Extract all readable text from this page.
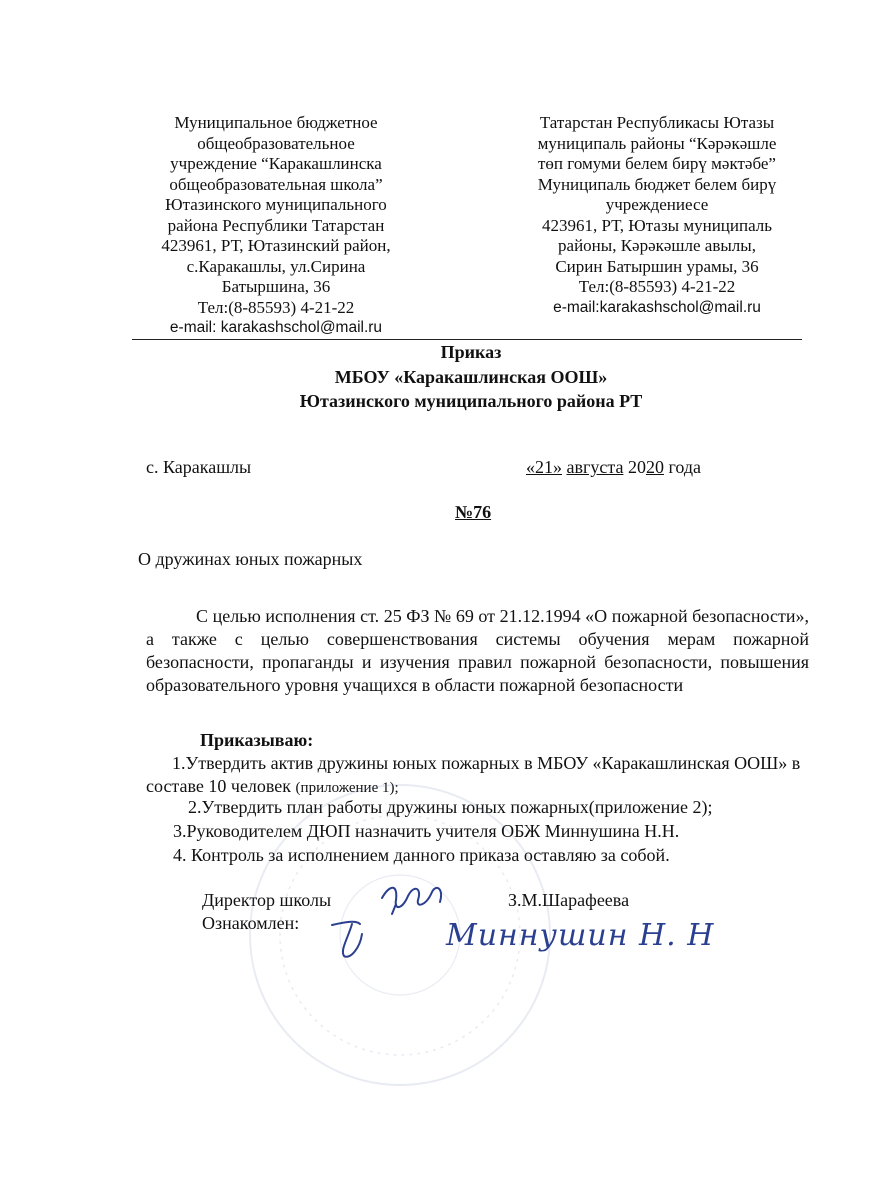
Муниципальное бюджетное
общеобразовательное
учреждение “Каракашлинска
общеобразовательная школа”
Ютазинского муниципального
района Республики Татарстан
423961, РТ, Ютазинский район,
с.Каракашлы, ул.Сирина
Батыршина, 36
Тел:(8-85593) 4-21-22
e-mail: karakashschol@mail.ru
Татарстан Республикасы Ютазы
муниципаль районы “Кәрәкәшле
төп гомуми белем бирү мәктәбе”
Муниципаль бюджет белем бирү
учреждениесе
423961, РТ, Ютазы муниципаль
районы, Кәрәкәшле авылы,
Сирин Батыршин урамы, 36
Тел:(8-85593) 4-21-22
e-mail:karakashschol@mail.ru
Приказ
МБОУ «Каракашлинская ООШ»
Ютазинского муниципального района РТ
с. Каракашлы	«21» августа 2020 года
№76
О дружинах юных пожарных
С целью исполнения ст. 25 ФЗ № 69 от 21.12.1994 «О пожарной безопасности», а также с целью совершенствования системы обучения мерам пожарной безопасности, пропаганды и изучения правил пожарной безопасности, повышения образовательного уровня учащихся в области пожарной безопасности
Приказываю:
1.Утвердить актив дружины юных пожарных в МБОУ «Каракашлинская ООШ» в составе 10 человек (приложение 1);
2.Утвердить план работы дружины юных пожарных(приложение 2);
3.Руководителем ДЮП назначить учителя ОБЖ Миннушина Н.Н.
4. Контроль за исполнением данного приказа оставляю за собой.
Директор школы	З.М.Шарафеева
Ознакомлен:	Миннушин Н. Н
